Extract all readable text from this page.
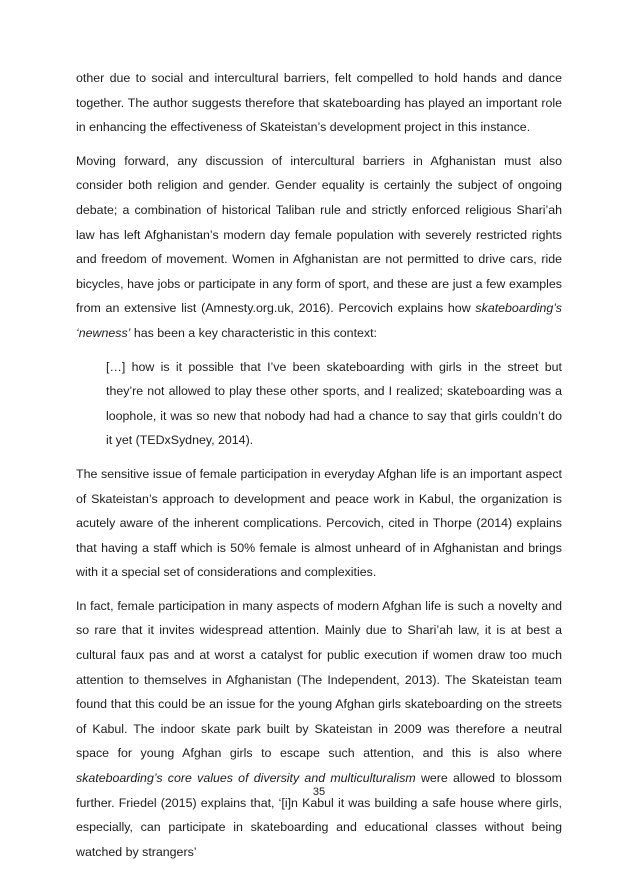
other due to social and intercultural barriers, felt compelled to hold hands and dance together. The author suggests therefore that skateboarding has played an important role in enhancing the effectiveness of Skateistan’s development project in this instance.

Moving forward, any discussion of intercultural barriers in Afghanistan must also consider both religion and gender. Gender equality is certainly the subject of ongoing debate; a combination of historical Taliban rule and strictly enforced religious Shari’ah law has left Afghanistan’s modern day female population with severely restricted rights and freedom of movement. Women in Afghanistan are not permitted to drive cars, ride bicycles, have jobs or participate in any form of sport, and these are just a few examples from an extensive list (Amnesty.org.uk, 2016). Percovich explains how skateboarding’s ‘newness’ has been a key characteristic in this context:

[…] how is it possible that I’ve been skateboarding with girls in the street but they’re not allowed to play these other sports, and I realized; skateboarding was a loophole, it was so new that nobody had had a chance to say that girls couldn’t do it yet (TEDxSydney, 2014).

The sensitive issue of female participation in everyday Afghan life is an important aspect of Skateistan’s approach to development and peace work in Kabul, the organization is acutely aware of the inherent complications. Percovich, cited in Thorpe (2014) explains that having a staff which is 50% female is almost unheard of in Afghanistan and brings with it a special set of considerations and complexities.

In fact, female participation in many aspects of modern Afghan life is such a novelty and so rare that it invites widespread attention. Mainly due to Shari’ah law, it is at best a cultural faux pas and at worst a catalyst for public execution if women draw too much attention to themselves in Afghanistan (The Independent, 2013). The Skateistan team found that this could be an issue for the young Afghan girls skateboarding on the streets of Kabul. The indoor skate park built by Skateistan in 2009 was therefore a neutral space for young Afghan girls to escape such attention, and this is also where skateboarding’s core values of diversity and multiculturalism were allowed to blossom further. Friedel (2015) explains that, ‘[i]n Kabul it was building a safe house where girls, especially, can participate in skateboarding and educational classes without being watched by strangers’

35
